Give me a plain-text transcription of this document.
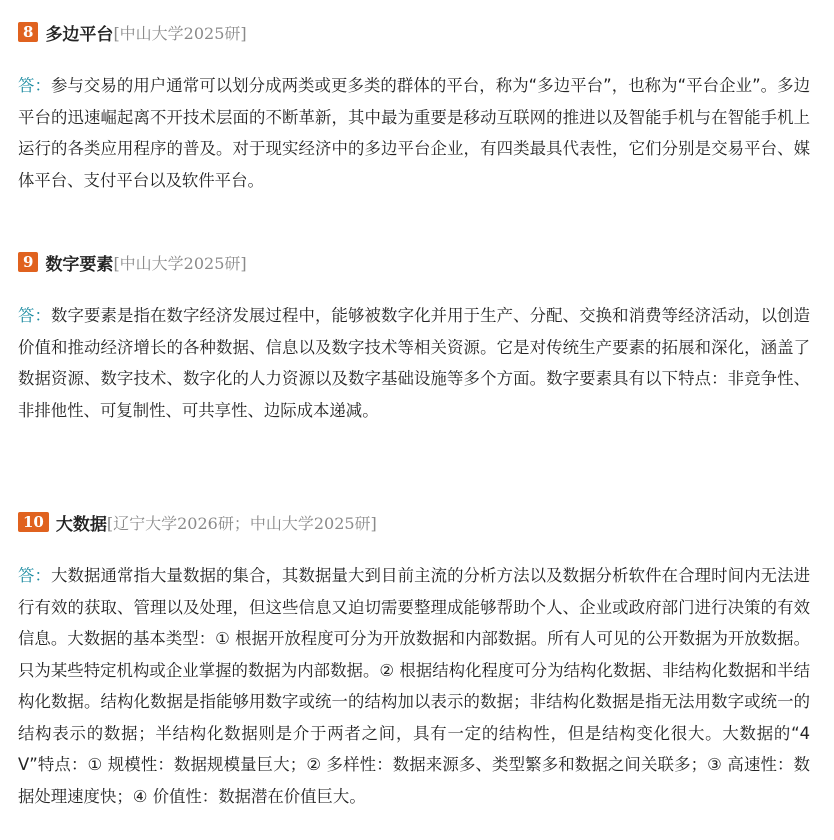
8 多边平台 [中山大学2025研]
答：参与交易的用户通常可以划分成两类或更多类的群体的平台，称为“多边平台”，也称为“平台企业”。多边平台的迅速崛起离不开技术层面的不断革新，其中最为重要是移动互联网的推进以及智能手机与在智能手机上运行的各类应用程序的普及。对于现实经济中的多边平台企业，有四类最具代表性，它们分别是交易平台、媒体平台、支付平台以及软件平台。
9 数字要素 [中山大学2025研]
答：数字要素是指在数字经济发展过程中，能够被数字化并用于生产、分配、交换和消费等经济活动，以创造价值和推动经济增长的各种数据、信息以及数字技术等相关资源。它是对传统生产要素的拓展和深化，涵盖了数据资源、数字技术、数字化的人力资源以及数字基础设施等多个方面。数字要素具有以下特点：非竞争性、非排他性、可复制性、可共享性、边际成本递减。
10 大数据 [辽宁大学2026研；中山大学2025研]
答：大数据通常指大量数据的集合，其数据量大到目前主流的分析方法以及数据分析软件在合理时间内无法进行有效的获取、管理以及处理，但这些信息又迫切需要整理成能够帮助个人、企业或政府部门进行决策的有效信息。大数据的基本类型：① 根据开放程度可分为开放数据和内部数据。所有人可见的公开数据为开放数据。只为某些特定机构或企业掌握的数据为内部数据。② 根据结构化程度可分为结构化数据、非结构化数据和半结构化数据。结构化数据是指能够用数字或统一的结构加以表示的数据；非结构化数据是指无法用数字或统一的结构表示的数据；半结构化数据则是介于两者之间，具有一定的结构性，但是结构变化很大。大数据的“4V”特点：① 规模性：数据规模量巨大；② 多样性：数据来源多、类型繁多和数据之间关联多；③ 高速性：数据处理速度快；④ 价值性：数据潜在价值巨大。
